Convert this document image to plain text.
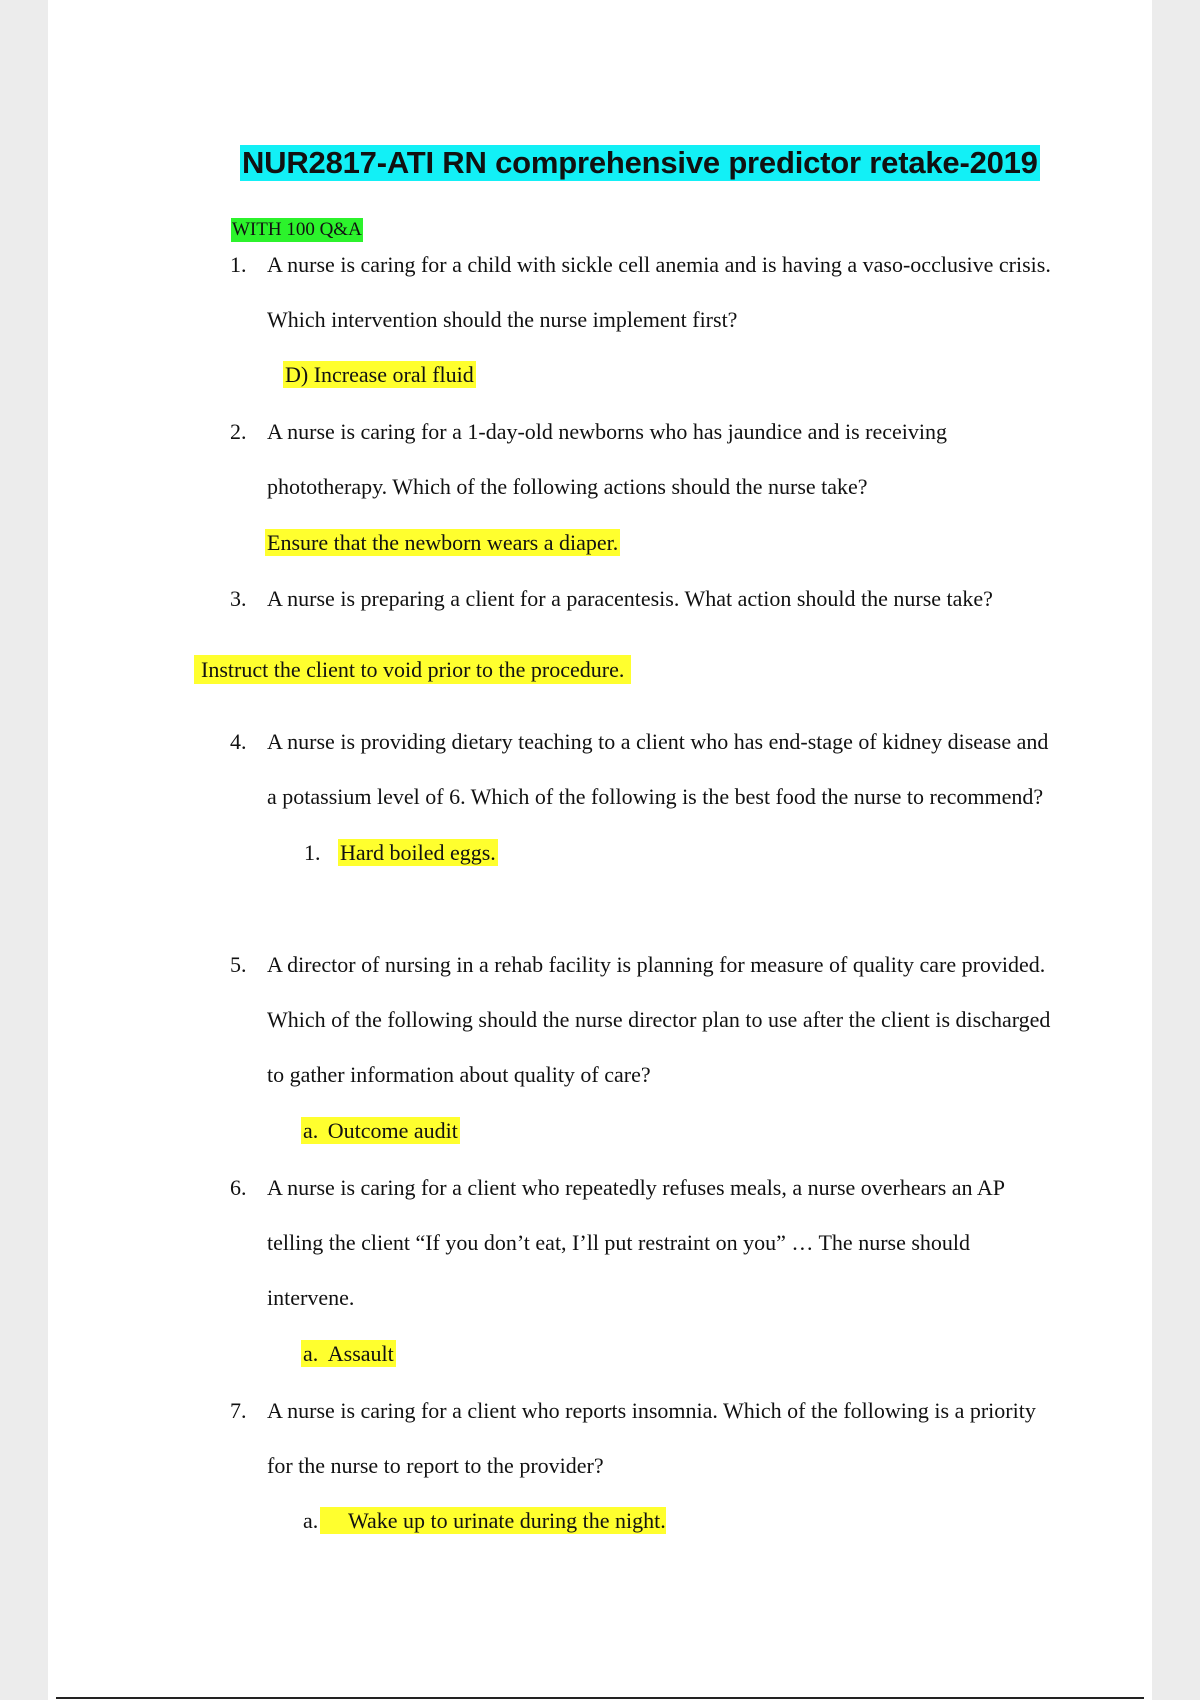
NUR2817-ATI RN comprehensive predictor retake-2019
WITH 100 Q&A
1. A nurse is caring for a child with sickle cell anemia and is having a vaso-occlusive crisis.
Which intervention should the nurse implement first?
D) Increase oral fluid
2. A nurse is caring for a 1-day-old newborns who has jaundice and is receiving
phototherapy. Which of the following actions should the nurse take?
Ensure that the newborn wears a diaper.
3. A nurse is preparing a client for a paracentesis. What action should the nurse take?
Instruct the client to void prior to the procedure.
4. A nurse is providing dietary teaching to a client who has end-stage of kidney disease and
a potassium level of 6. Which of the following is the best food the nurse to recommend?
1. Hard boiled eggs.
5. A director of nursing in a rehab facility is planning for measure of quality care provided.
Which of the following should the nurse director plan to use after the client is discharged
to gather information about quality of care?
a. Outcome audit
6. A nurse is caring for a client who repeatedly refuses meals, a nurse overhears an AP
telling the client “If you don’t eat, I’ll put restraint on you” … The nurse should
intervene.
a. Assault
7. A nurse is caring for a client who reports insomnia. Which of the following is a priority
for the nurse to report to the provider?
a.	Wake up to urinate during the night.
